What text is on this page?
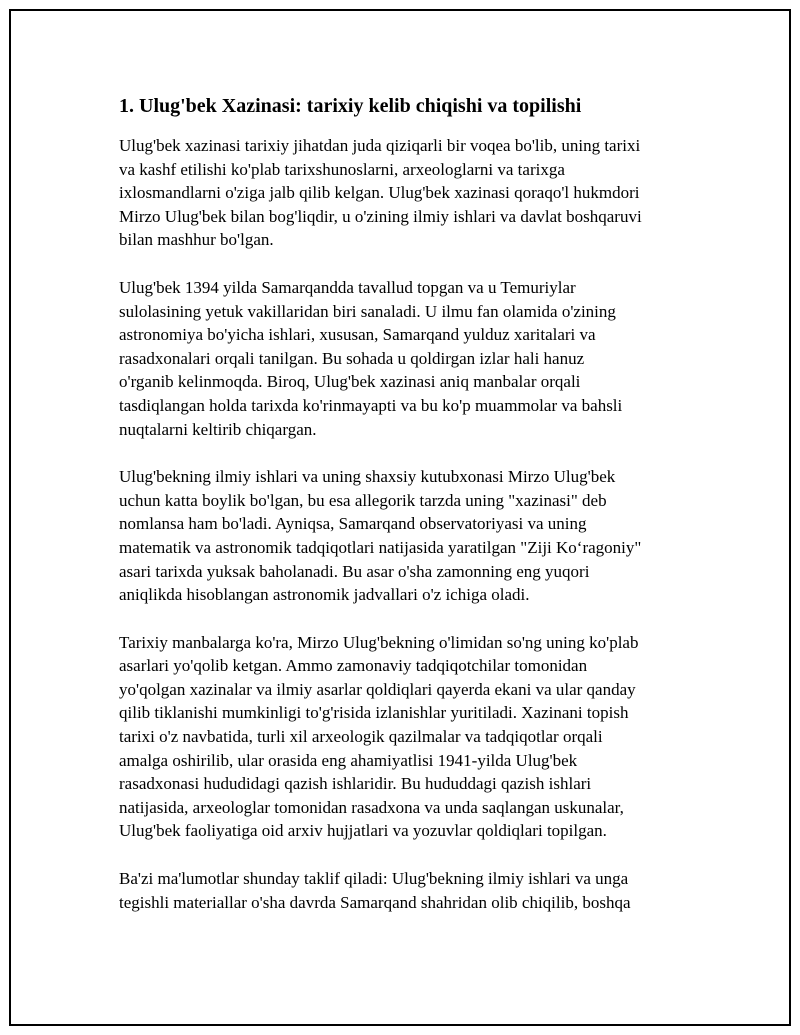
1. Ulug'bek Xazinasi: tarixiy kelib chiqishi va topilishi

Ulug'bek xazinasi tarixiy jihatdan juda qiziqarli bir voqea bo'lib, uning tarixi
va kashf etilishi ko'plab tarixshunoslarni, arxeologlarni va tarixga
ixlosmandlarni o'ziga jalb qilib kelgan. Ulug'bek xazinasi qoraqo'l hukmdori
Mirzo Ulug'bek bilan bog'liqdir, u o'zining ilmiy ishlari va davlat boshqaruvi
bilan mashhur bo'lgan.

Ulug'bek 1394 yilda Samarqandda tavallud topgan va u Temuriylar
sulolasining yetuk vakillaridan biri sanaladi. U ilmu fan olamida o'zining
astronomiya bo'yicha ishlari, xususan, Samarqand yulduz xaritalari va
rasadxonalari orqali tanilgan. Bu sohada u qoldirgan izlar hali hanuz
o'rganib kelinmoqda. Biroq, Ulug'bek xazinasi aniq manbalar orqali
tasdiqlangan holda tarixda ko'rinmayapti va bu ko'p muammolar va bahsli
nuqtalarni keltirib chiqargan.

Ulug'bekning ilmiy ishlari va uning shaxsiy kutubxonasi Mirzo Ulug'bek
uchun katta boylik bo'lgan, bu esa allegorik tarzda uning "xazinasi" deb
nomlansa ham bo'ladi. Ayniqsa, Samarqand observatoriyasi va uning
matematik va astronomik tadqiqotlari natijasida yaratilgan "Ziji Ko‘ragoniy"
asari tarixda yuksak baholanadi. Bu asar o'sha zamonning eng yuqori
aniqlikda hisoblangan astronomik jadvallari o'z ichiga oladi.

Tarixiy manbalarga ko'ra, Mirzo Ulug'bekning o'limidan so'ng uning ko'plab
asarlari yo'qolib ketgan. Ammo zamonaviy tadqiqotchilar tomonidan
yo'qolgan xazinalar va ilmiy asarlar qoldiqlari qayerda ekani va ular qanday
qilib tiklanishi mumkinligi to'g'risida izlanishlar yuritiladi. Xazinani topish
tarixi o'z navbatida, turli xil arxeologik qazilmalar va tadqiqotlar orqali
amalga oshirilib, ular orasida eng ahamiyatlisi 1941-yilda Ulug'bek
rasadxonasi hududidagi qazish ishlaridir. Bu hududdagi qazish ishlari
natijasida, arxeologlar tomonidan rasadxona va unda saqlangan uskunalar,
Ulug'bek faoliyatiga oid arxiv hujjatlari va yozuvlar qoldiqlari topilgan.

Ba'zi ma'lumotlar shunday taklif qiladi: Ulug'bekning ilmiy ishlari va unga
tegishli materiallar o'sha davrda Samarqand shahridan olib chiqilib, boshqa
